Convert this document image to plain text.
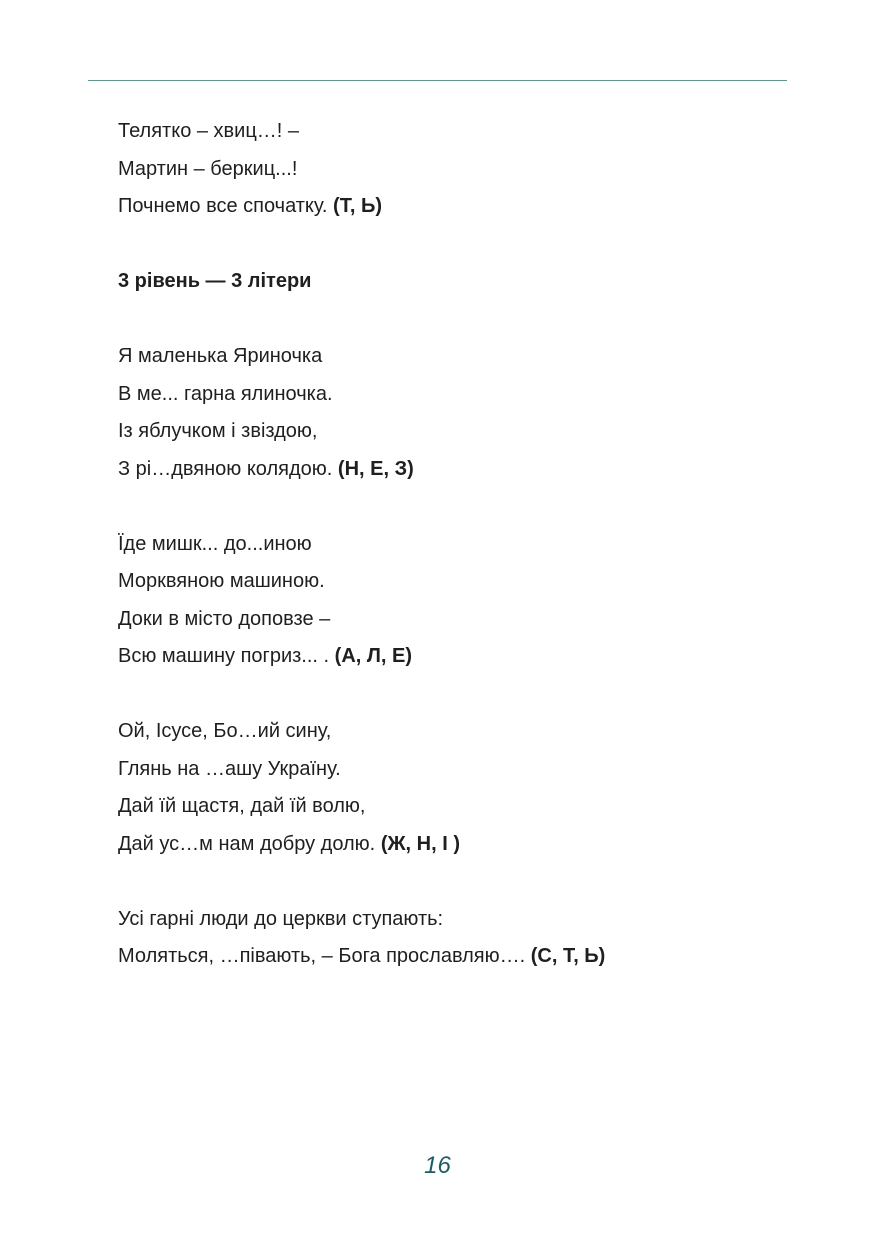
Телятко – хвиц…! –

Мартин – беркиц...!

Почнемо все спочатку. (Т, Ь)

3 рівень — 3 літери

Я маленька Яриночка

В ме... гарна ялиночка.

Із яблучком і звіздою,

З рі…двяною колядою. (Н, Е, З)

Їде мишк... до...иною

Морквяною машиною.

Доки в місто доповзе –

Всю машину погриз... . (А, Л, Е)

Ой, Ісусе, Бо…ий сину,

Глянь на …ашу Україну.

Дай їй щастя, дай їй волю,

Дай ус…м нам добру долю. (Ж, Н, І )

Усі гарні люди до церкви ступають:

Моляться, …півають, – Бога прославляю…. (С, Т, Ь)

16
